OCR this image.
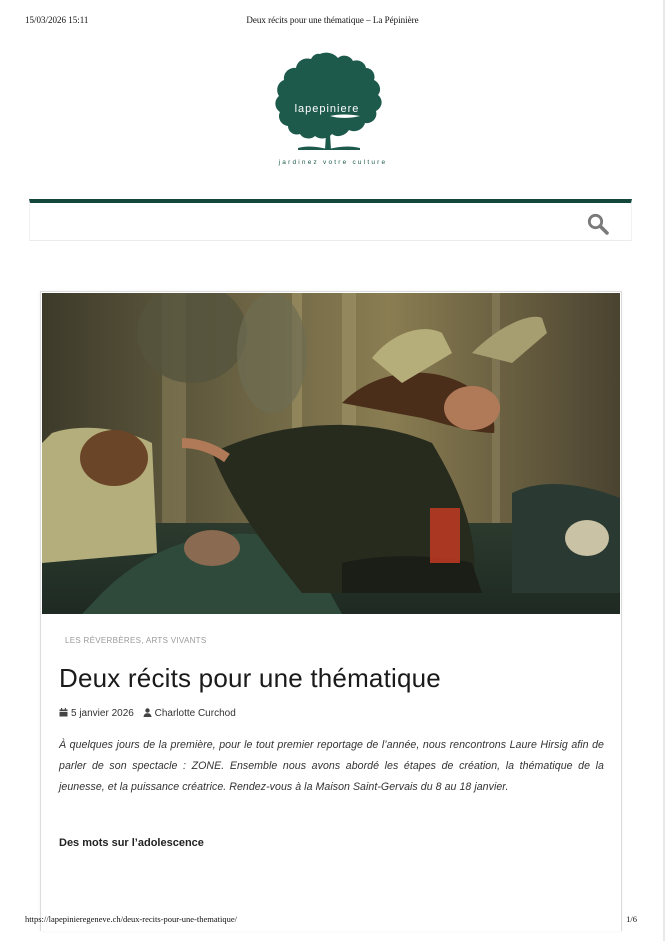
15/03/2026 15:11	Deux récits pour une thématique – La Pépinière
lapepiniere
jardinez votre culture
LES RÉVERBÈRES, ARTS VIVANTS
Deux récits pour une thématique
5 janvier 2026 Charlotte Curchod

À quelques jours de la première, pour le tout premier reportage de l’année, nous rencontrons Laure Hirsig afin de parler de son spectacle : ZONE. Ensemble nous avons abordé les étapes de création, la thématique de la jeunesse, et la puissance créatrice. Rendez-vous à la Maison Saint-Gervais du 8 au 18 janvier.

Des mots sur l’adolescence
https://lapepinieregeneve.ch/deux-recits-pour-une-thematique/	1/6
